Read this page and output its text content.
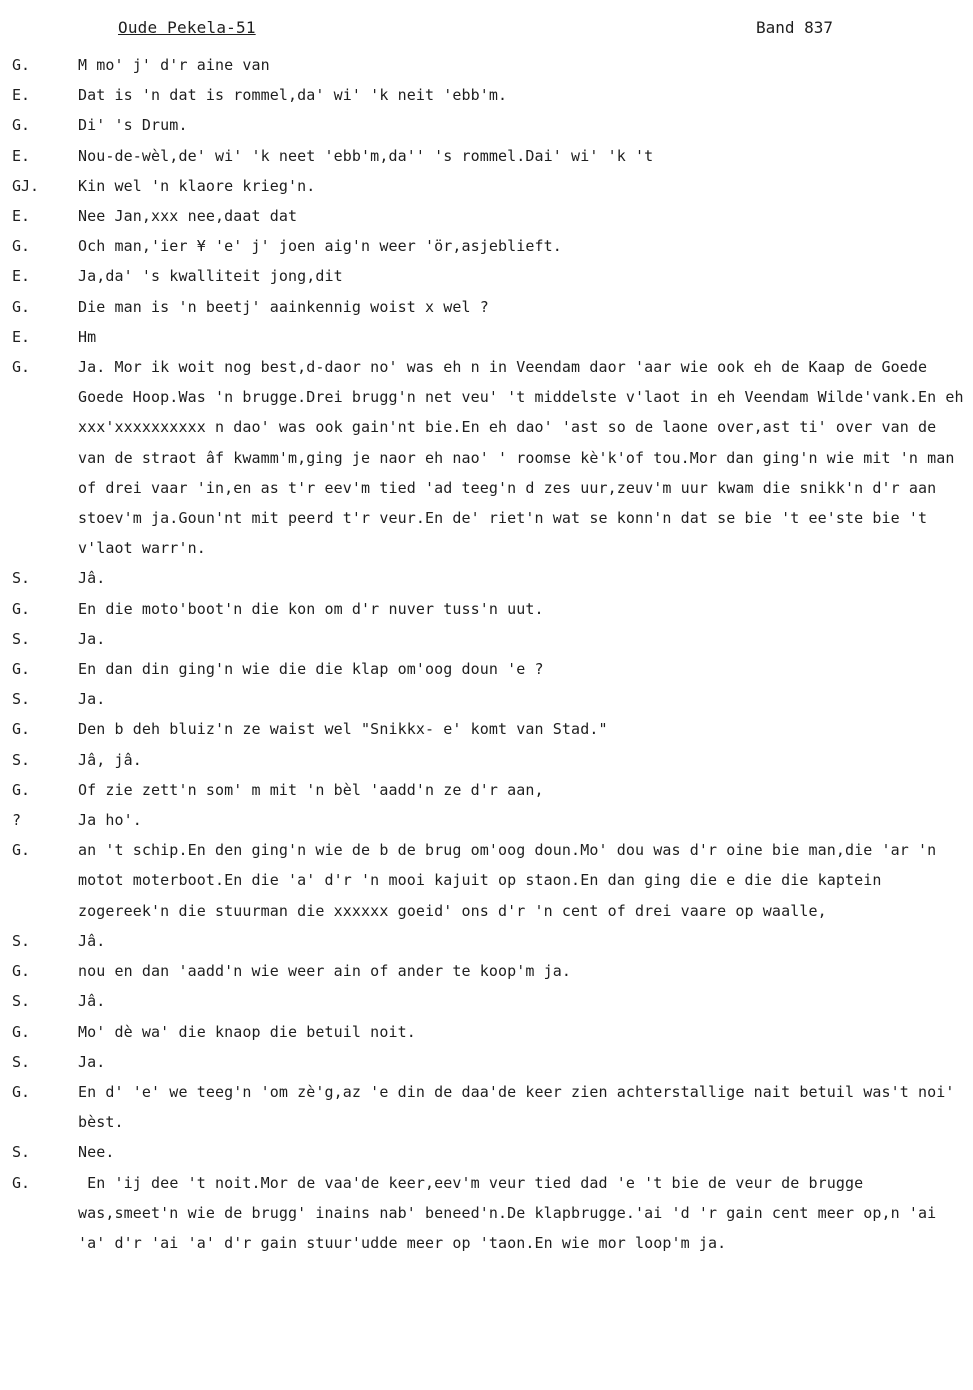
Oude Pekela-51	Band 837
G.	M mo' j' d'r aine van
E.	Dat is 'n dat is rommel,da' wi' 'k neit 'ebb'm.
G.	Di' 's Drum.
E.	Nou-de-wèl,de' wi' 'k neet 'ebb'm,da'' 's rommel.Dai' wi' 'k 't
GJ.	Kin wel 'n klaore krieg'n.
E.	Nee Jan,xxx nee,daat dat
G.	Och man,'ier ¥ 'e' j' joen aig'n weer 'ör,asjeblieft.
E.	Ja,da' 's kwalliteit jong,dit
G.	Die man is 'n beetj' aainkennig woist x wel ?
E.	Hm
G.	Ja. Mor ik woit nog best,d-daor no' was eh n in Veendam daor 'aar wie ook eh de Kaap de Goede Goede Hoop.Was 'n brugge.Drei brugg'n net veu' 't middelste v'laot in eh Veendam Wilde'vank.En eh xxx'xxxxxxxxxx n dao' was ook gain'nt bie.En eh dao' 'ast so de laone over,ast ti' over van de van de straot âf kwamm'm,ging je naor eh nao' ' roomse kè'k'of tou.Mor dan ging'n wie mit 'n man of drei vaar 'in,en as t'r eev'm tied 'ad teeg'n d zes uur,zeuv'm uur kwam die snikk'n d'r aan stoev'm ja.Goun'nt mit peerd t'r veur.En de' riet'n wat se konn'n dat se bie 't ee'ste bie 't v'laot warr'n.
S.	Jâ.
G.	En die moto'boot'n die kon om d'r nuver tuss'n uut.
S.	Ja.
G.	En dan din ging'n wie die die klap om'oog doun 'e ?
S.	Ja.
G.	Den b deh bluiz'n ze waist wel "Snikkx- e' komt van Stad."
S.	Jâ, jâ.
G.	Of zie zett'n som' m mit 'n bèl 'aadd'n ze d'r aan,
?	Ja ho'.
G.	an 't schip.En den ging'n wie de b de brug om'oog doun.Mo' dou was d'r oine bie man,die 'ar 'n motot moterboot.En die 'a' d'r 'n mooi kajuit op staon.En dan ging die e die die kaptein zogereek'n die stuurman die xxxxxx goeid' ons d'r 'n cent of drei vaare op waalle,
S.	Jâ.
G.	nou en dan 'aadd'n wie weer ain of ander te koop'm ja.
S.	Jâ.
G.	Mo' dè wa' die knaop die betuil noit.
S.	Ja.
G.	En d' 'e' we teeg'n 'om zè'g,az 'e din de daa'de keer zien achterstallige nait betuil was't noi' bèst.
S.	Nee.
G.	En 'ij dee 't noit.Mor de vaa'de keer,eev'm veur tied dad 'e 't bie de veur de brugge was,smeet'n wie de brugg' inains nab' beneed'n.De klapbrugge.'ai 'd 'r gain cent meer op,n 'ai 'a' d'r 'ai 'a' d'r gain stuur'udde meer op 'taon.En wie mor loop'm ja.
